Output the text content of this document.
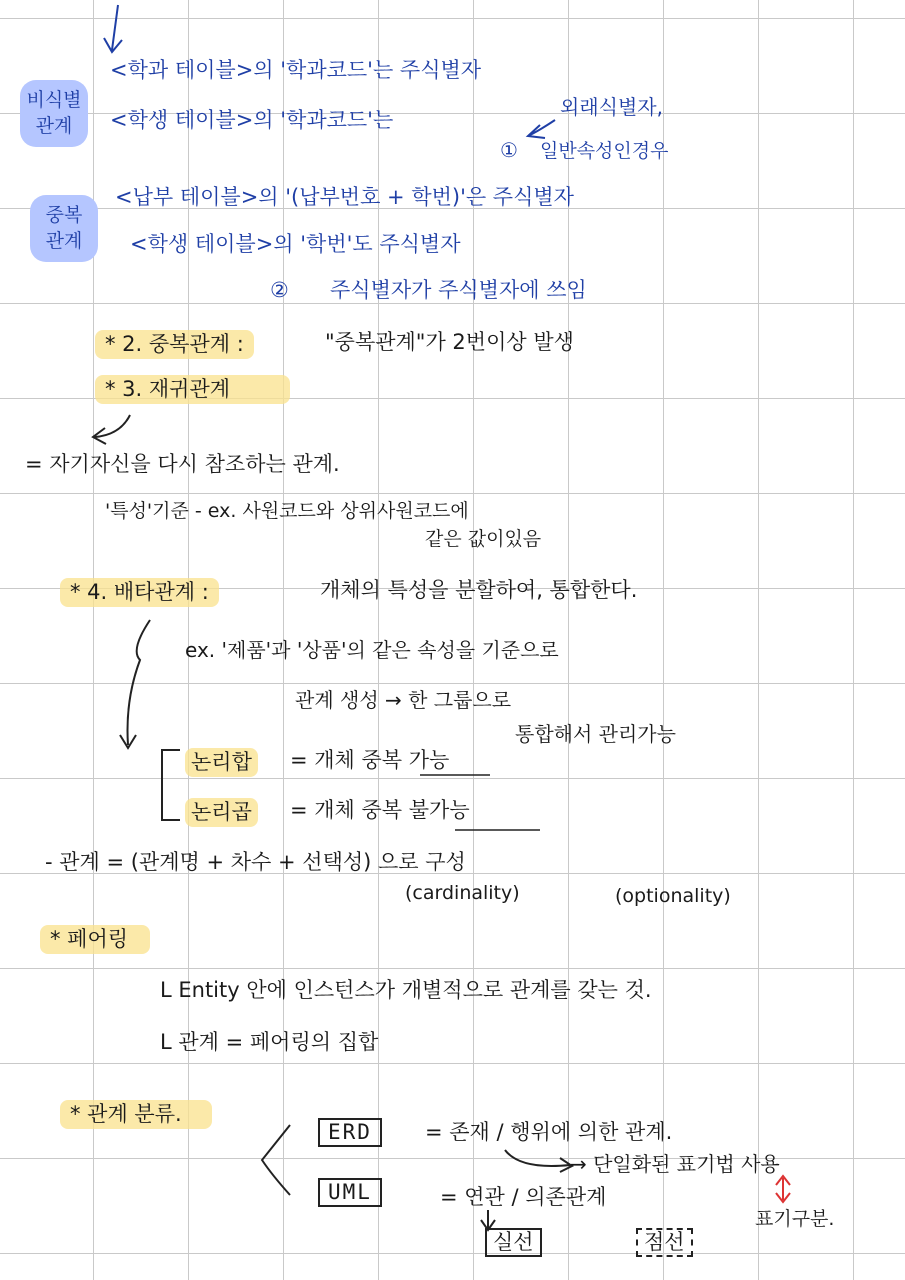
비식별 관계
<학과 테이블>의 '학과코드'는 주식별자
<학생 테이블>의 '학과코드'는
외래식별자,
① 일반속성인경우
중복 관계
<납부 테이블>의 '(납부번호 + 학번)'은 주식별자
<학생 테이블>의 '학번'도 주식별자
② 주식별자가 주식별자에 쓰임
* 2. 중복관계 :	"중복관계"가 2번이상 발생
* 3. 재귀관계
= 자기자신을 다시 참조하는 관계.
'특성'기준 - ex. 사원코드와 상위사원코드에
같은 값이있음
* 4. 배타관계 :	개체의 특성을 분할하여, 통합한다.
ex. '제품'과 '상품'의 같은 속성을 기준으로
관계 생성 → 한 그룹으로
통합해서 관리가능
논리합 = 개체 중복 가능
논리곱 = 개체 중복 불가능
- 관계 = (관계명 + 차수 + 선택성) 으로 구성
(cardinality)	(optionality)
* 페어링
L Entity 안에 인스턴스가 개별적으로 관계를 갖는 것.
L 관계 = 페어링의 집합
* 관계 분류.
ERD	= 존재 / 행위에 의한 관계.
→ 단일화된 표기법 사용
UML	= 연관 / 의존관계
실선	점선
표기구분.
